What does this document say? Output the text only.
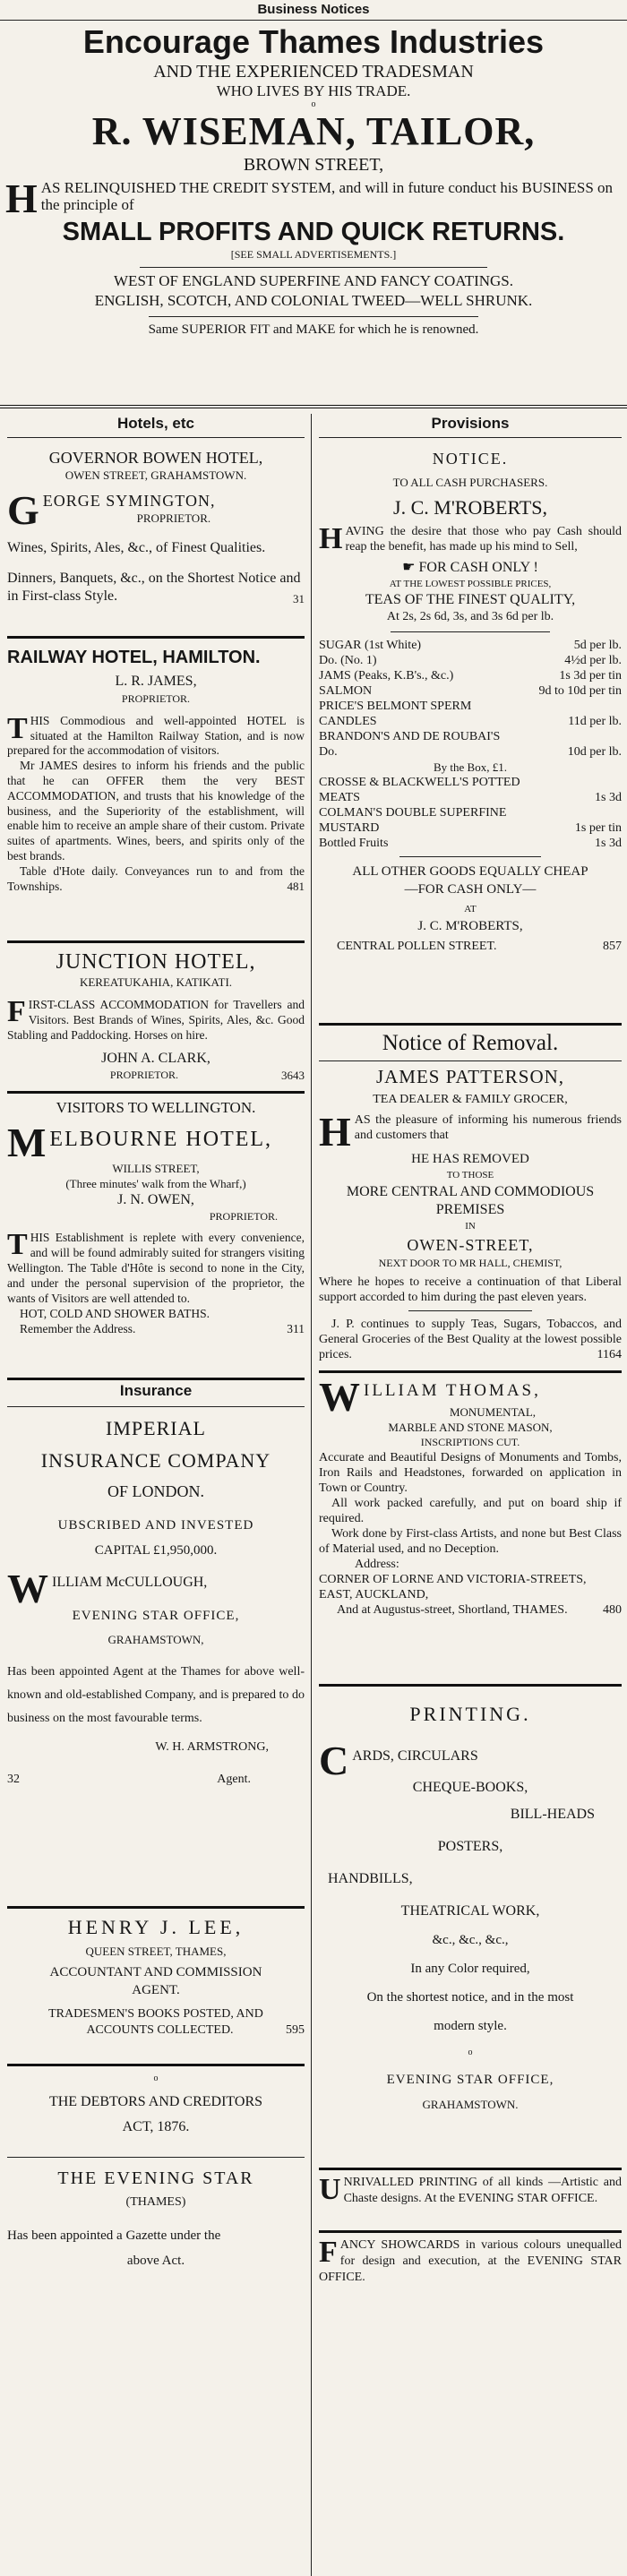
Business Notices
Encourage Thames Industries
AND THE EXPERIENCED TRADESMAN
WHO LIVES BY HIS TRADE.
o
R. WISEMAN, TAILOR,
BROWN STREET,
H AS RELINQUISHED THE CREDIT SYSTEM, and will in future conduct his BUSINESS on the principle of
SMALL PROFITS AND QUICK RETURNS.
[SEE SMALL ADVERTISEMENTS.]
WEST OF ENGLAND SUPERFINE AND FANCY COATINGS.
ENGLISH, SCOTCH, AND COLONIAL TWEED—WELL SHRUNK.
Same SUPERIOR FIT and MAKE for which he is renowned.
Hotels, etc
GOVERNOR BOWEN HOTEL,
OWEN STREET, GRAHAMSTOWN.
G EORGE SYMINGTON,
PROPRIETOR.
Wines, Spirits, Ales, &c., of Finest Qualities.
Dinners, Banquets, &c., on the Shortest Notice and in First-class Style.	31
RAILWAY HOTEL, HAMILTON.
L. R. JAMES,
PROPRIETOR.
T HIS Commodious and well-appointed HOTEL is situated at the Hamilton Railway Station, and is now prepared for the accommodation of visitors.
Mr JAMES desires to inform his friends and the public that he can OFFER them the very BEST ACCOMMODATION, and trusts that his knowledge of the business, and the Superiority of the establishment, will enable him to receive an ample share of their custom. Private suites of apartments. Wines, beers, and spirits only of the best brands.
Table d'Hote daily. Conveyances run to and from the Townships.	481
JUNCTION HOTEL,
KEREATUKAHIA, KATIKATI.
F IRST-CLASS ACCOMMODATION for Travellers and Visitors. Best Brands of Wines, Spirits, Ales, &c. Good Stabling and Paddocking. Horses on hire.
JOHN A. CLARK,
PROPRIETOR.	3643
VISITORS TO WELLINGTON.
M ELBOURNE HOTEL,
WILLIS STREET,
(Three minutes' walk from the Wharf,)
J. N. OWEN,
PROPRIETOR.
T HIS Establishment is replete with every convenience, and will be found admirably suited for strangers visiting Wellington. The Table d'Hôte is second to none in the City, and under the personal supervision of the proprietor, the wants of Visitors are well attended to.
HOT, COLD AND SHOWER BATHS.
Remember the Address.	311
Insurance
IMPERIAL
INSURANCE COMPANY
OF LONDON.
UBSCRIBED AND INVESTED
CAPITAL £1,950,000.
W ILLIAM McCULLOUGH,
EVENING STAR OFFICE,
GRAHAMSTOWN,
Has been appointed Agent at the Thames for above well-known and old-established Company, and is prepared to do business on the most favourable terms.
W. H. ARMSTRONG,
32	Agent.
HENRY J. LEE,
QUEEN STREET, THAMES,
ACCOUNTANT AND COMMISSION
AGENT.
TRADESMEN'S BOOKS POSTED, AND
ACCOUNTS COLLECTED.	595
o
THE DEBTORS AND CREDITORS
ACT, 1876.
THE EVENING STAR
(THAMES)
Has been appointed a Gazette under the
above Act.
Provisions
NOTICE.
TO ALL CASH PURCHASERS.
J. C. M'ROBERTS,
H AVING the desire that those who pay Cash should reap the benefit, has made up his mind to Sell,
☛ FOR CASH ONLY !
AT THE LOWEST POSSIBLE PRICES,
TEAS OF THE FINEST QUALITY,
At 2s, 2s 6d, 3s, and 3s 6d per lb.
SUGAR (1st White)	5d per lb.
Do. (No. 1)	4½d per lb.
JAMS (Peaks, K.B's., &c.)	1s 3d per tin
SALMON	9d to 10d per tin
PRICE'S BELMONT SPERM CANDLES	11d per lb.
BRANDON'S AND DE ROUBAI'S Do.	10d per lb.
By the Box, £1.
CROSSE & BLACKWELL'S POTTED MEATS	1s 3d
COLMAN'S DOUBLE SUPERFINE MUSTARD	1s per tin
Bottled Fruits	1s 3d
ALL OTHER GOODS EQUALLY CHEAP
—FOR CASH ONLY—
AT
J. C. M'ROBERTS,
CENTRAL POLLEN STREET.	857
Notice of Removal.
JAMES PATTERSON,
TEA DEALER & FAMILY GROCER,
H AS the pleasure of informing his numerous friends and customers that
HE HAS REMOVED
TO THOSE
MORE CENTRAL AND COMMODIOUS PREMISES
IN
OWEN-STREET,
NEXT DOOR TO MR HALL, CHEMIST,
Where he hopes to receive a continuation of that Liberal support accorded to him during the past eleven years.
J. P. continues to supply Teas, Sugars, Tobaccos, and General Groceries of the Best Quality at the lowest possible prices.	1164
W ILLIAM THOMAS,
MONUMENTAL,
MARBLE AND STONE MASON,
INSCRIPTIONS CUT.
Accurate and Beautiful Designs of Monuments and Tombs, Iron Rails and Headstones, forwarded on application in Town or Country.
All work packed carefully, and put on board ship if required.
Work done by First-class Artists, and none but Best Class of Material used, and no Deception.
Address:
CORNER OF LORNE AND VICTORIA-STREETS, EAST, AUCKLAND,
And at Augustus-street, Shortland, THAMES.	480
PRINTING.
C ARDS, CIRCULARS
CHEQUE-BOOKS,
BILL-HEADS
POSTERS,
HANDBILLS,
THEATRICAL WORK,
&c., &c., &c.,
In any Color required,
On the shortest notice, and in the most
modern style.
o
EVENING STAR OFFICE,
GRAHAMSTOWN.
U NRIVALLED PRINTING of all kinds —Artistic and Chaste designs. At the EVENING STAR OFFICE.
F ANCY SHOWCARDS in various colours unequalled for design and execution, at the EVENING STAR OFFICE.
